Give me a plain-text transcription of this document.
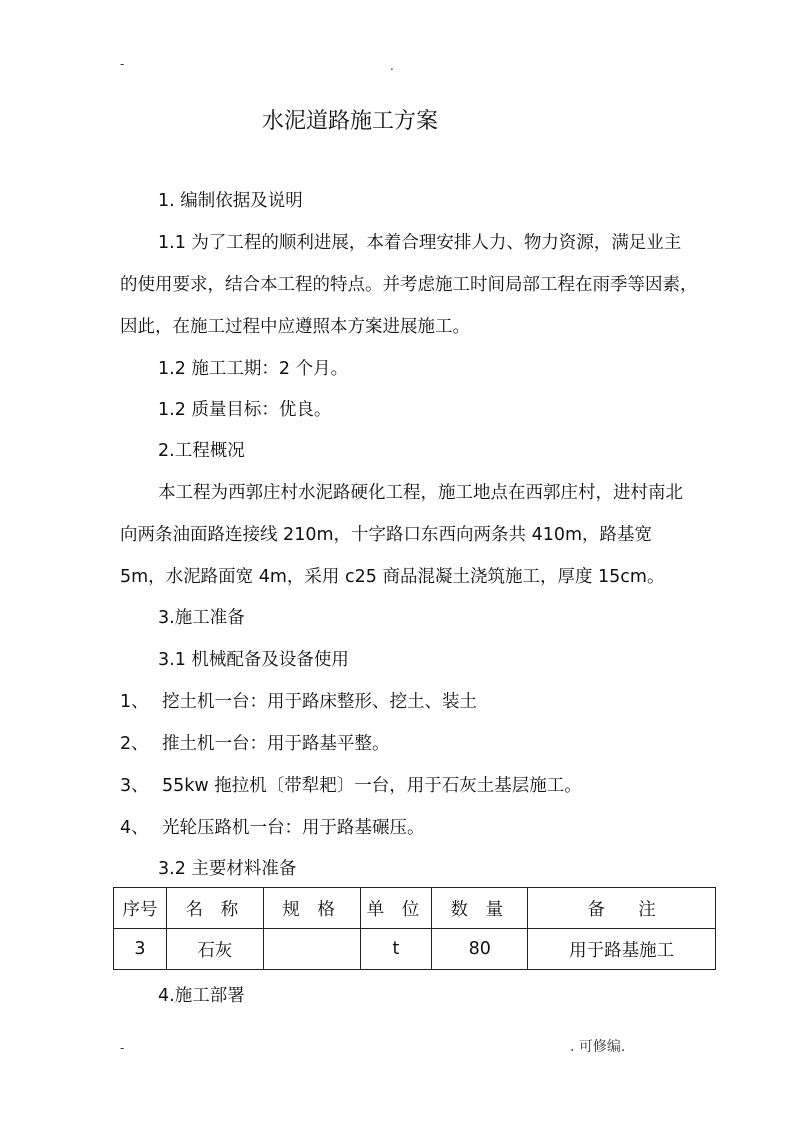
-	.
水泥道路施工方案
1. 编制依据及说明
1.1 为了工程的顺利进展，本着合理安排人力、物力资源，满足业主
的使用要求，结合本工程的特点。并考虑施工时间局部工程在雨季等因素，
因此，在施工过程中应遵照本方案进展施工。
1.2 施工工期：2 个月。
1.2 质量目标：优良。
2.工程概况
本工程为西郭庄村水泥路硬化工程，施工地点在西郭庄村，进村南北
向两条油面路连接线 210m，十字路口东西向两条共 410m，路基宽
5m，水泥路面宽 4m，采用 c25 商品混凝土浇筑施工，厚度 15cm。
3.施工准备
3.1 机械配备及设备使用
1、 挖土机一台：用于路床整形、挖土、装土
2、 推土机一台：用于路基平整。
3、 55kw 拖拉机〔带犁耙〕一台，用于石灰土基层施工。
4、 光轮压路机一台：用于路基碾压。
3.2 主要材料准备
序号	名 称	规 格	单 位	数 量	备      注
3	石灰		t	80	用于路基施工
4.施工部署
-	. 可修编.
